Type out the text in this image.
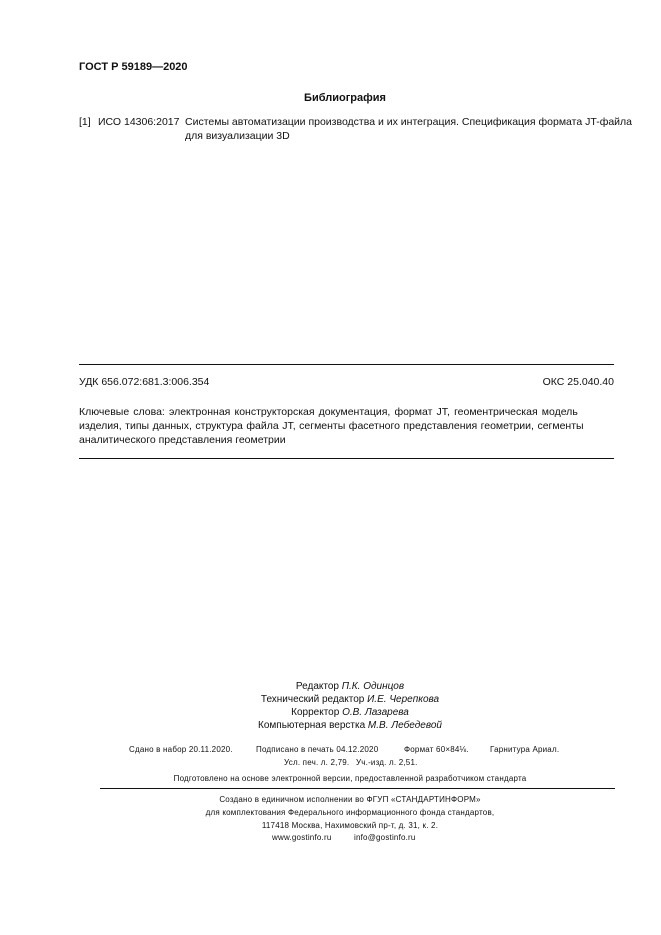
ГОСТ Р 59189—2020
Библиография
[1] ИСО 14306:2017 Системы автоматизации производства и их интеграция. Спецификация формата JT-файла
для визуализации 3D
УДК 656.072:681.3:006.354	ОКС 25.040.40
Ключевые слова: электронная конструкторская документация, формат JT, геоментрическая модель
изделия, типы данных, структура файла JT, сегменты фасетного представления геометрии, сегменты
аналитического представления геометрии
Редактор П.К. Одинцов
Технический редактор И.Е. Черепкова
Корректор О.В. Лазарева
Компьютерная верстка М.В. Лебедевой
Сдано в набор 20.11.2020.	Подписано в печать 04.12.2020	Формат 60×84⅛.	Гарнитура Ариал.
Усл. печ. л. 2,79. Уч.-изд. л. 2,51.
Подготовлено на основе электронной версии, предоставленной разработчиком стандарта
Создано в единичном исполнении во ФГУП «СТАНДАРТИНФОРМ»
для комплектования Федерального информационного фонда стандартов,
117418 Москва, Нахимовский пр-т, д. 31, к. 2.
www.gostinfo.ru	info@gostinfo.ru
